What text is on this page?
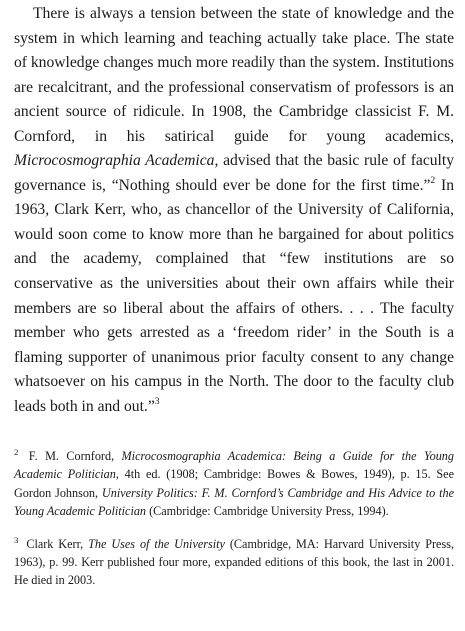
There is always a tension between the state of knowledge and the system in which learning and teaching actually take place. The state of knowledge changes much more readily than the system. Institutions are recalcitrant, and the professional conservatism of professors is an ancient source of ridicule. In 1908, the Cambridge classicist F. M. Cornford, in his satirical guide for young academics, Microcosmographia Academica, advised that the basic rule of faculty governance is, “Nothing should ever be done for the first time.”$^2$ In 1963, Clark Kerr, who, as chancellor of the University of California, would soon come to know more than he bargained for about politics and the academy, complained that “few institutions are so conservative as the universities about their own affairs while their members are so liberal about the affairs of others. . . . The faculty member who gets arrested as a ‘freedom rider’ in the South is a flaming supporter of unanimous prior faculty consent to any change whatsoever on his campus in the North. The door to the faculty club leads both in and out.”$^3$

$^2$ F. M. Cornford, Microcosmographia Academica: Being a Guide for the Young Academic Politician, 4th ed. (1908; Cambridge: Bowes & Bowes, 1949), p. 15. See Gordon Johnson, University Politics: F. M. Cornford’s Cambridge and His Advice to the Young Academic Politician (Cambridge: Cambridge University Press, 1994).

$^3$ Clark Kerr, The Uses of the University (Cambridge, MA: Harvard University Press, 1963), p. 99. Kerr published four more, expanded editions of this book, the last in 2001. He died in 2003.
